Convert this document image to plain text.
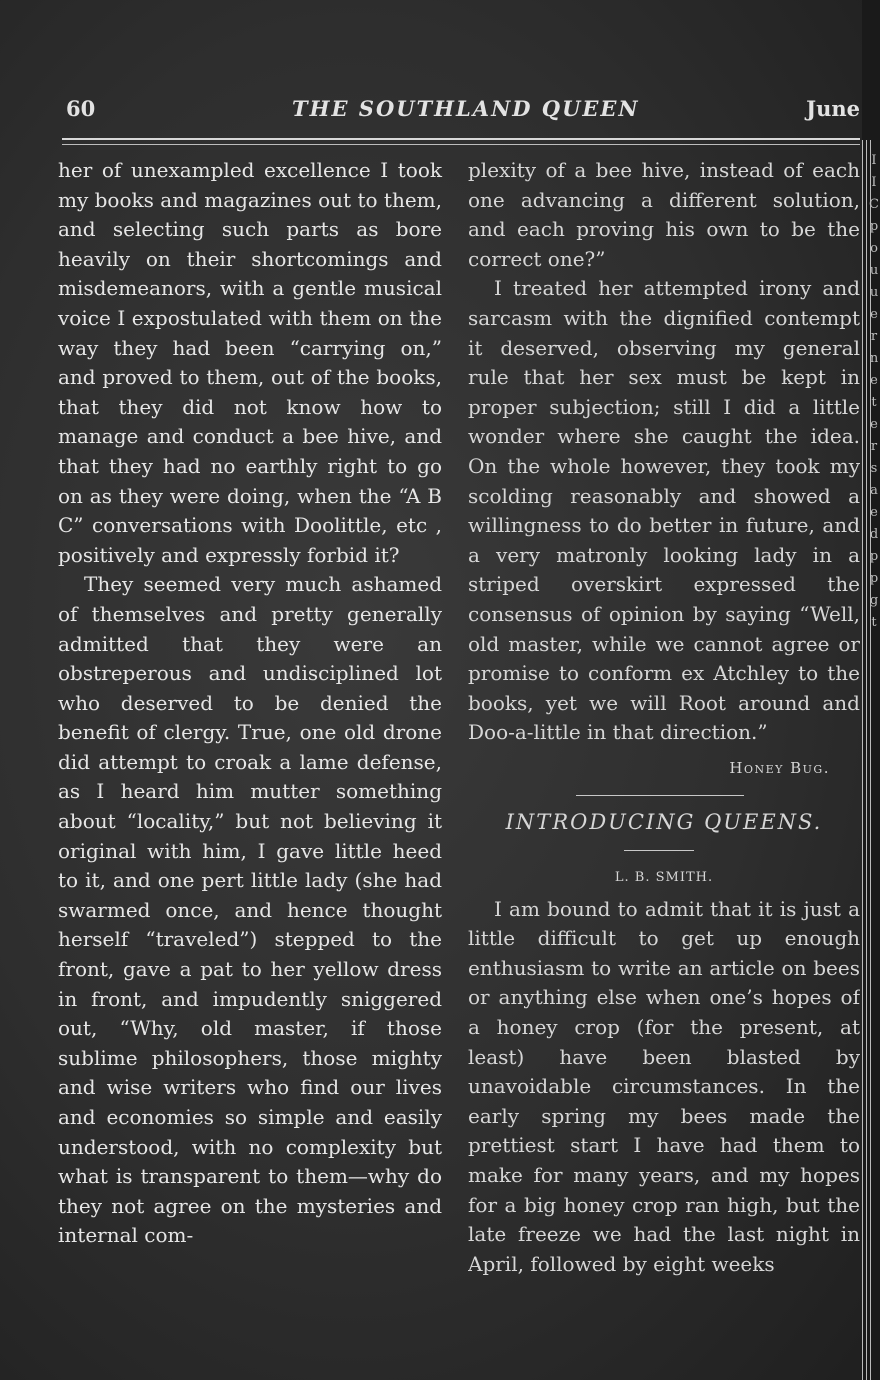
60	THE SOUTHLAND QUEEN	June

her of unexampled excellence I took my books and magazines out to them, and selecting such parts as bore heavily on their shortcomings and misdemeanors, with a gentle musical voice I expostulated with them on the way they had been “carrying on,” and proved to them, out of the books, that they did not know how to manage and conduct a bee hive, and that they had no earthly right to go on as they were doing, when the “A B C” conversations with Doolittle, etc , positively and expressly forbid it?

They seemed very much ashamed of themselves and pretty generally admitted that they were an obstreperous and undisciplined lot who deserved to be denied the benefit of clergy. True, one old drone did attempt to croak a lame defense, as I heard him mutter something about “locality,” but not believing it original with him, I gave little heed to it, and one pert little lady (she had swarmed once, and hence thought herself “traveled”) stepped to the front, gave a pat to her yellow dress in front, and impudently sniggered out, “Why, old master, if those sublime philosophers, those mighty and wise writers who find our lives and economies so simple and easily understood, with no complexity but what is transparent to them—why do they not agree on the mysteries and internal com-

plexity of a bee hive, instead of each one advancing a different solution, and each proving his own to be the correct one?”

I treated her attempted irony and sarcasm with the dignified contempt it deserved, observing my general rule that her sex must be kept in proper subjection; still I did a little wonder where she caught the idea. On the whole however, they took my scolding reasonably and showed a willingness to do better in future, and a very matronly looking lady in a striped overskirt expressed the consensus of opinion by saying “Well, old master, while we cannot agree or promise to conform ex Atchley to the books, yet we will Root around and Doo-a-little in that direction.”

Honey Bug.
INTRODUCING QUEENS.
L. B. SMITH.

I am bound to admit that it is just a little difficult to get up enough enthusiasm to write an article on bees or anything else when one’s hopes of a honey crop (for the present, at least) have been blasted by unavoidable circumstances. In the early spring my bees made the prettiest start I have had them to make for many years, and my hopes for a big honey crop ran high, but the late freeze we had the last night in April, followed by eight weeks

I
I
C
p
o
u
u
e
r
n
e
t
e
r
s
a
e
d
p
p
g
t
